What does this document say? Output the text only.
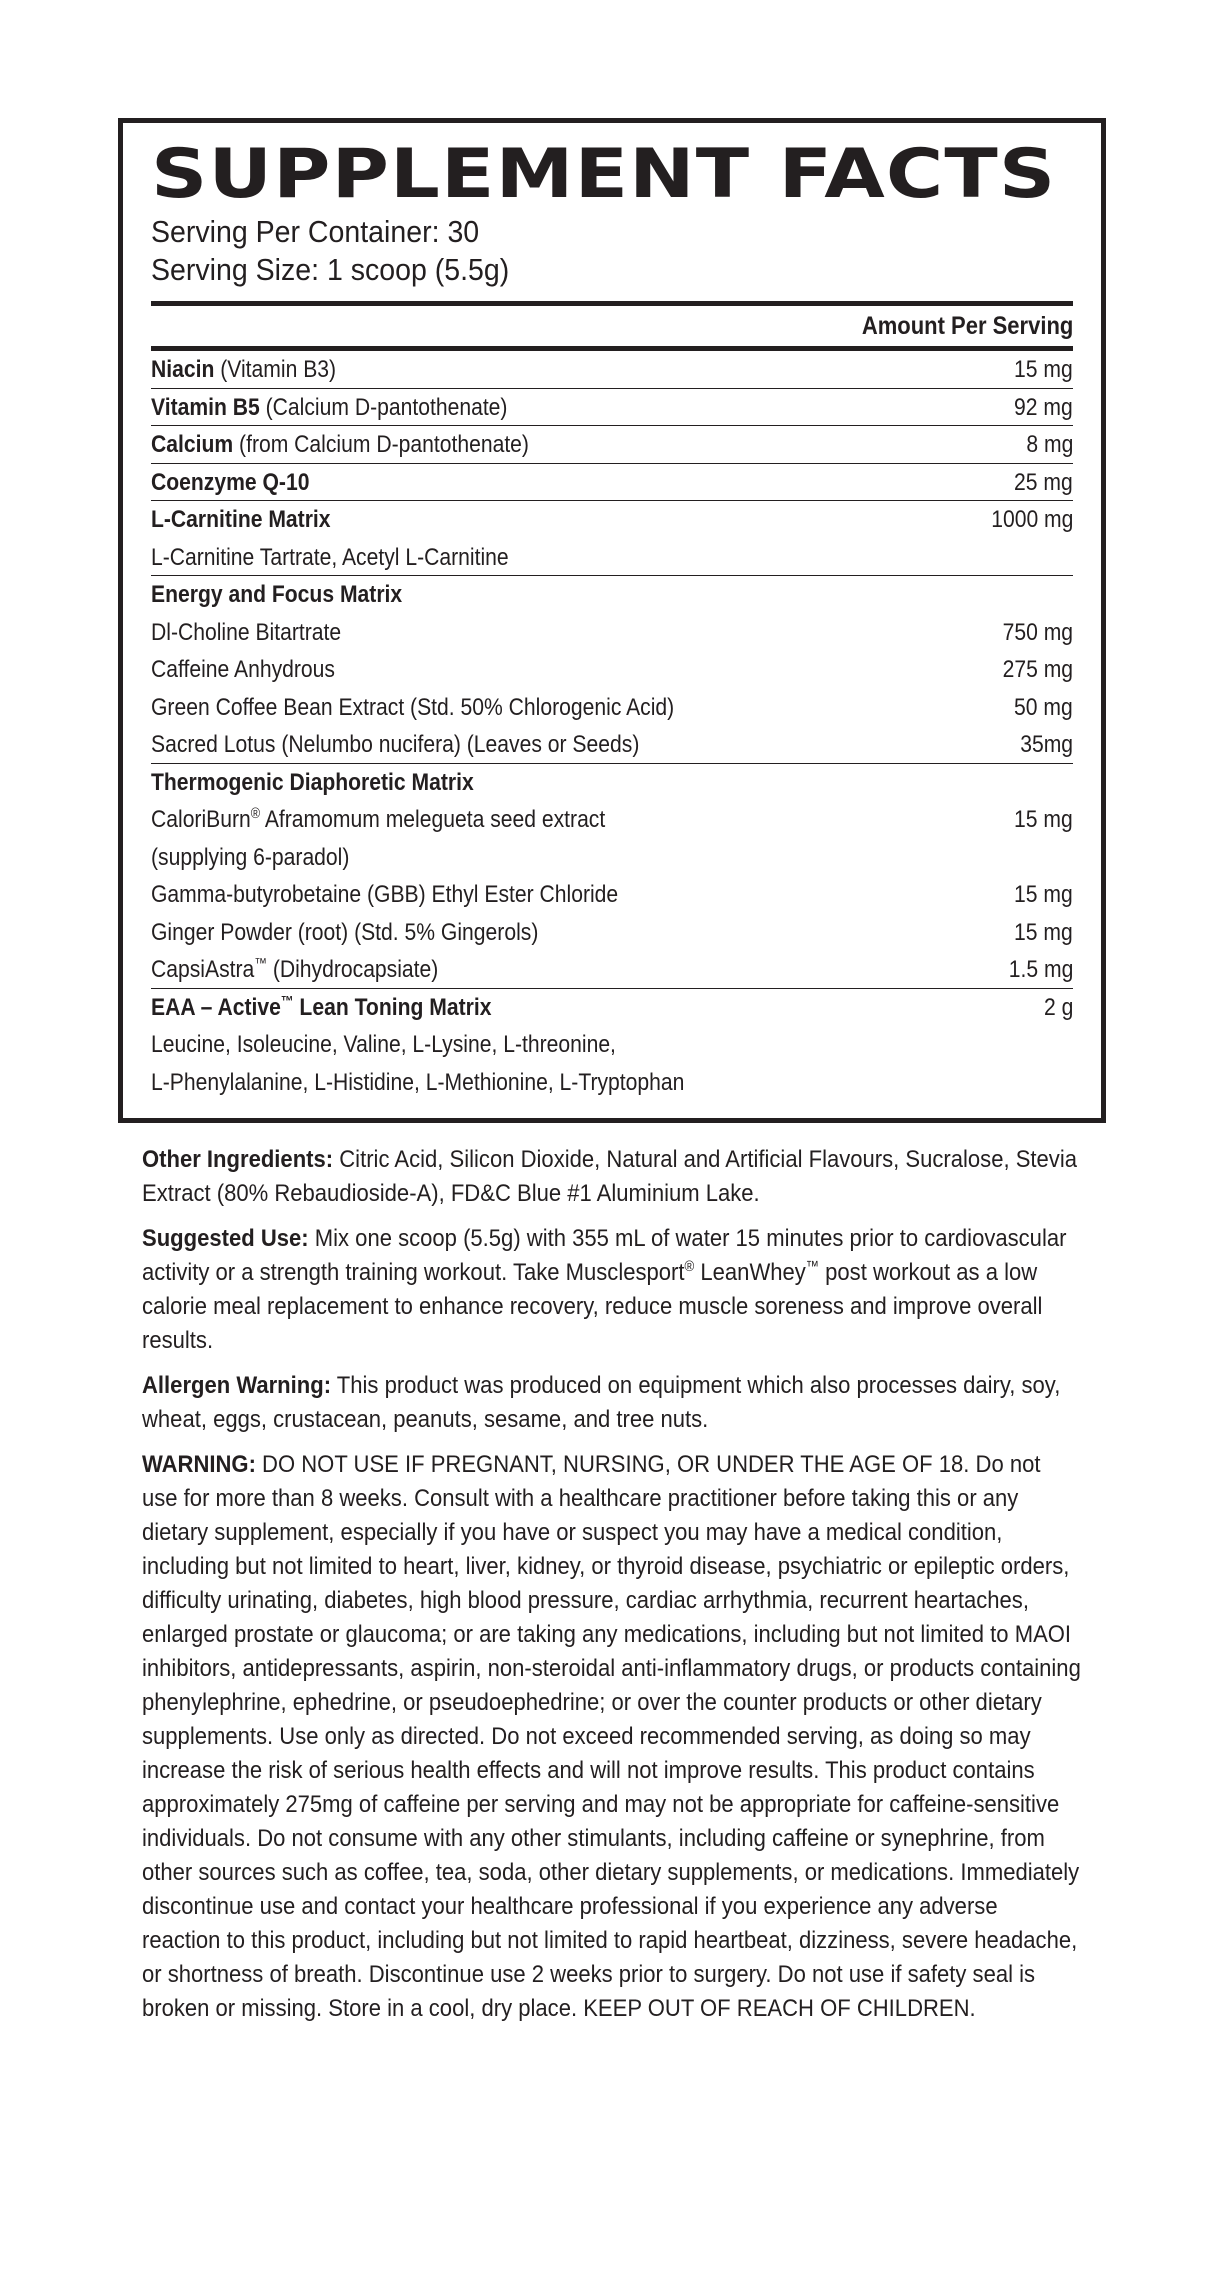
SUPPLEMENT FACTS
Serving Per Container: 30
Serving Size: 1 scoop (5.5g)
Amount Per Serving
Niacin (Vitamin B3)	15 mg
Vitamin B5 (Calcium D-pantothenate)	92 mg
Calcium (from Calcium D-pantothenate)	8 mg
Coenzyme Q-10	25 mg
L-Carnitine Matrix	1000 mg
L-Carnitine Tartrate, Acetyl L-Carnitine
Energy and Focus Matrix
Dl-Choline Bitartrate	750 mg
Caffeine Anhydrous	275 mg
Green Coffee Bean Extract (Std. 50% Chlorogenic Acid)	50 mg
Sacred Lotus (Nelumbo nucifera) (Leaves or Seeds)	35mg
Thermogenic Diaphoretic Matrix
CaloriBurn® Aframomum melegueta seed extract	15 mg
(supplying 6-paradol)
Gamma-butyrobetaine (GBB) Ethyl Ester Chloride	15 mg
Ginger Powder (root) (Std. 5% Gingerols)	15 mg
CapsiAstra™ (Dihydrocapsiate)	1.5 mg
EAA – Active™ Lean Toning Matrix	2 g
Leucine, Isoleucine, Valine, L-Lysine, L-threonine,
L-Phenylalanine, L-Histidine, L-Methionine, L-Tryptophan

Other Ingredients: Citric Acid, Silicon Dioxide, Natural and Artificial Flavours, Sucralose, Stevia Extract (80% Rebaudioside-A), FD&C Blue #1 Aluminium Lake.

Suggested Use: Mix one scoop (5.5g) with 355 mL of water 15 minutes prior to cardiovascular activity or a strength training workout. Take Musclesport® LeanWhey™ post workout as a low calorie meal replacement to enhance recovery, reduce muscle soreness and improve overall results.

Allergen Warning: This product was produced on equipment which also processes dairy, soy, wheat, eggs, crustacean, peanuts, sesame, and tree nuts.

WARNING: DO NOT USE IF PREGNANT, NURSING, OR UNDER THE AGE OF 18. Do not use for more than 8 weeks. Consult with a healthcare practitioner before taking this or any dietary supplement, especially if you have or suspect you may have a medical condition, including but not limited to heart, liver, kidney, or thyroid disease, psychiatric or epileptic orders, difficulty urinating, diabetes, high blood pressure, cardiac arrhythmia, recurrent heartaches, enlarged prostate or glaucoma; or are taking any medications, including but not limited to MAOI inhibitors, antidepressants, aspirin, non-steroidal anti-inflammatory drugs, or products containing phenylephrine, ephedrine, or pseudoephedrine; or over the counter products or other dietary supplements. Use only as directed. Do not exceed recommended serving, as doing so may increase the risk of serious health effects and will not improve results. This product contains approximately 275mg of caffeine per serving and may not be appropriate for caffeine-sensitive individuals. Do not consume with any other stimulants, including caffeine or synephrine, from other sources such as coffee, tea, soda, other dietary supplements, or medications. Immediately discontinue use and contact your healthcare professional if you experience any adverse reaction to this product, including but not limited to rapid heartbeat, dizziness, severe headache, or shortness of breath. Discontinue use 2 weeks prior to surgery. Do not use if safety seal is broken or missing. Store in a cool, dry place. KEEP OUT OF REACH OF CHILDREN.
